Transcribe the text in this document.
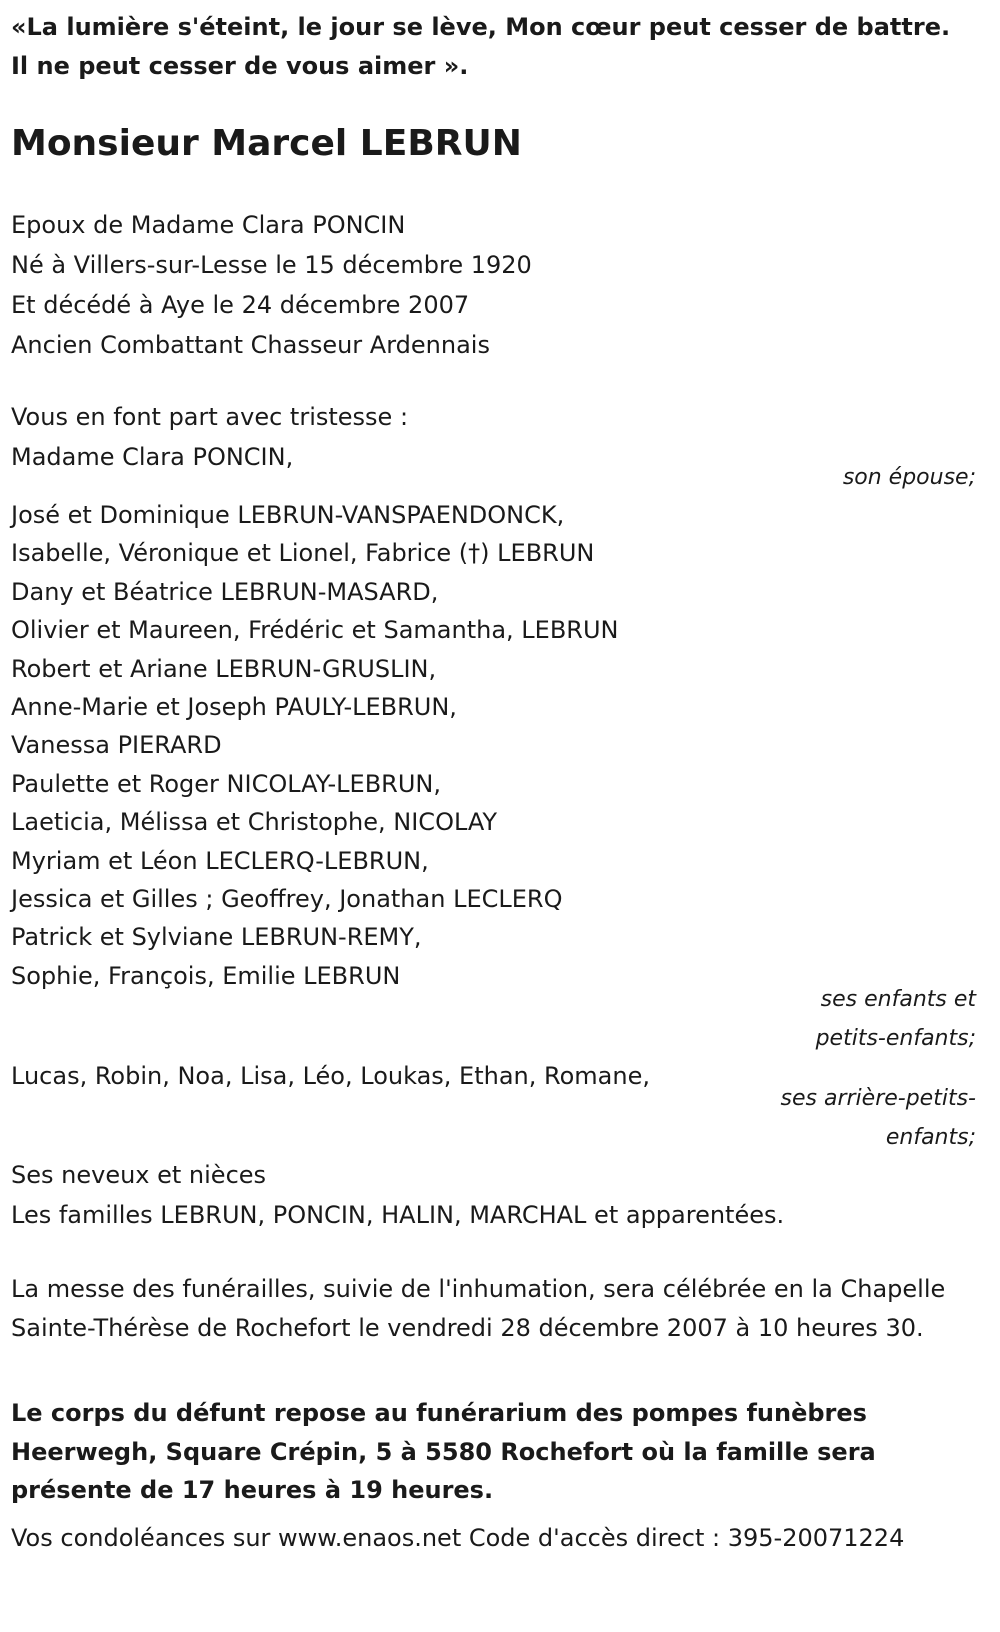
«La lumière s'éteint, le jour se lève, Mon cœur peut cesser de battre.
Il ne peut cesser de vous aimer ».

Monsieur Marcel LEBRUN
Epoux de Madame Clara PONCIN
Né à Villers-sur-Lesse le 15 décembre 1920
Et décédé à Aye le 24 décembre 2007
Ancien Combattant Chasseur Ardennais
Vous en font part avec tristesse :
Madame Clara PONCIN,
son épouse;
José et Dominique LEBRUN-VANSPAENDONCK,
Isabelle, Véronique et Lionel, Fabrice (†) LEBRUN
Dany et Béatrice LEBRUN-MASARD,
Olivier et Maureen, Frédéric et Samantha, LEBRUN
Robert et Ariane LEBRUN-GRUSLIN,
Anne-Marie et Joseph PAULY-LEBRUN,
Vanessa PIERARD
Paulette et Roger NICOLAY-LEBRUN,
Laeticia, Mélissa et Christophe, NICOLAY
Myriam et Léon LECLERQ-LEBRUN,
Jessica et Gilles ; Geoffrey, Jonathan LECLERQ
Patrick et Sylviane LEBRUN-REMY,
Sophie, François, Emilie LEBRUN
ses enfants et
petits-enfants;
Lucas, Robin, Noa, Lisa, Léo, Loukas, Ethan, Romane,
ses arrière-petits-
enfants;
Ses neveux et nièces
Les familles LEBRUN, PONCIN, HALIN, MARCHAL et apparentées.

La messe des funérailles, suivie de l'inhumation, sera célébrée en la Chapelle Sainte-Thérèse de Rochefort le vendredi 28 décembre 2007 à 10 heures 30.

Le corps du défunt repose au funérarium des pompes funèbres Heerwegh, Square Crépin, 5 à 5580 Rochefort où la famille sera présente de 17 heures à 19 heures.

Vos condoléances sur www.enaos.net Code d'accès direct : 395-20071224
